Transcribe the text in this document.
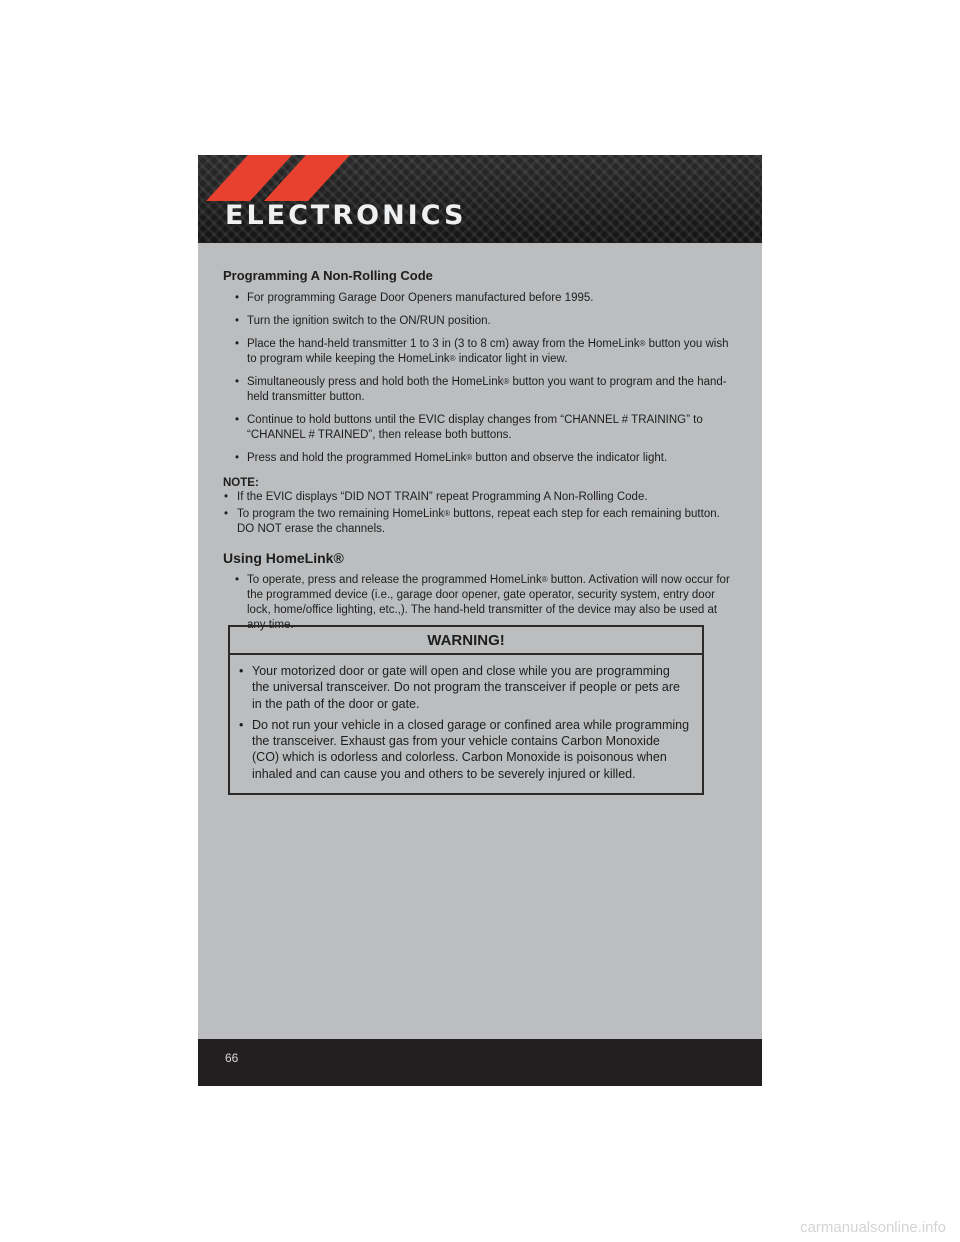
ELECTRONICS
Programming A Non-Rolling Code
• For programming Garage Door Openers manufactured before 1995.
• Turn the ignition switch to the ON/RUN position.
• Place the hand-held transmitter 1 to 3 in (3 to 8 cm) away from the HomeLink® button you wish to program while keeping the HomeLink® indicator light in view.
• Simultaneously press and hold both the HomeLink® button you want to program and the hand-held transmitter button.
• Continue to hold buttons until the EVIC display changes from “CHANNEL # TRAINING” to “CHANNEL # TRAINED”, then release both buttons.
• Press and hold the programmed HomeLink® button and observe the indicator light.

NOTE:

• If the EVIC displays “DID NOT TRAIN” repeat Programming A Non-Rolling Code.
• To program the two remaining HomeLink® buttons, repeat each step for each remaining button. DO NOT erase the channels.
Using HomeLink®
• To operate, press and release the programmed HomeLink® button. Activation will now occur for the programmed device (i.e., garage door opener, gate operator, security system, entry door lock, home/office lighting, etc.,). The hand-held transmitter of the device may also be used at any time.
WARNING!
• Your motorized door or gate will open and close while you are programming the universal transceiver. Do not program the transceiver if people or pets are in the path of the door or gate.
• Do not run your vehicle in a closed garage or confined area while programming the transceiver. Exhaust gas from your vehicle contains Carbon Monoxide (CO) which is odorless and colorless. Carbon Monoxide is poisonous when inhaled and can cause you and others to be severely injured or killed.
66
carmanualsonline.info
